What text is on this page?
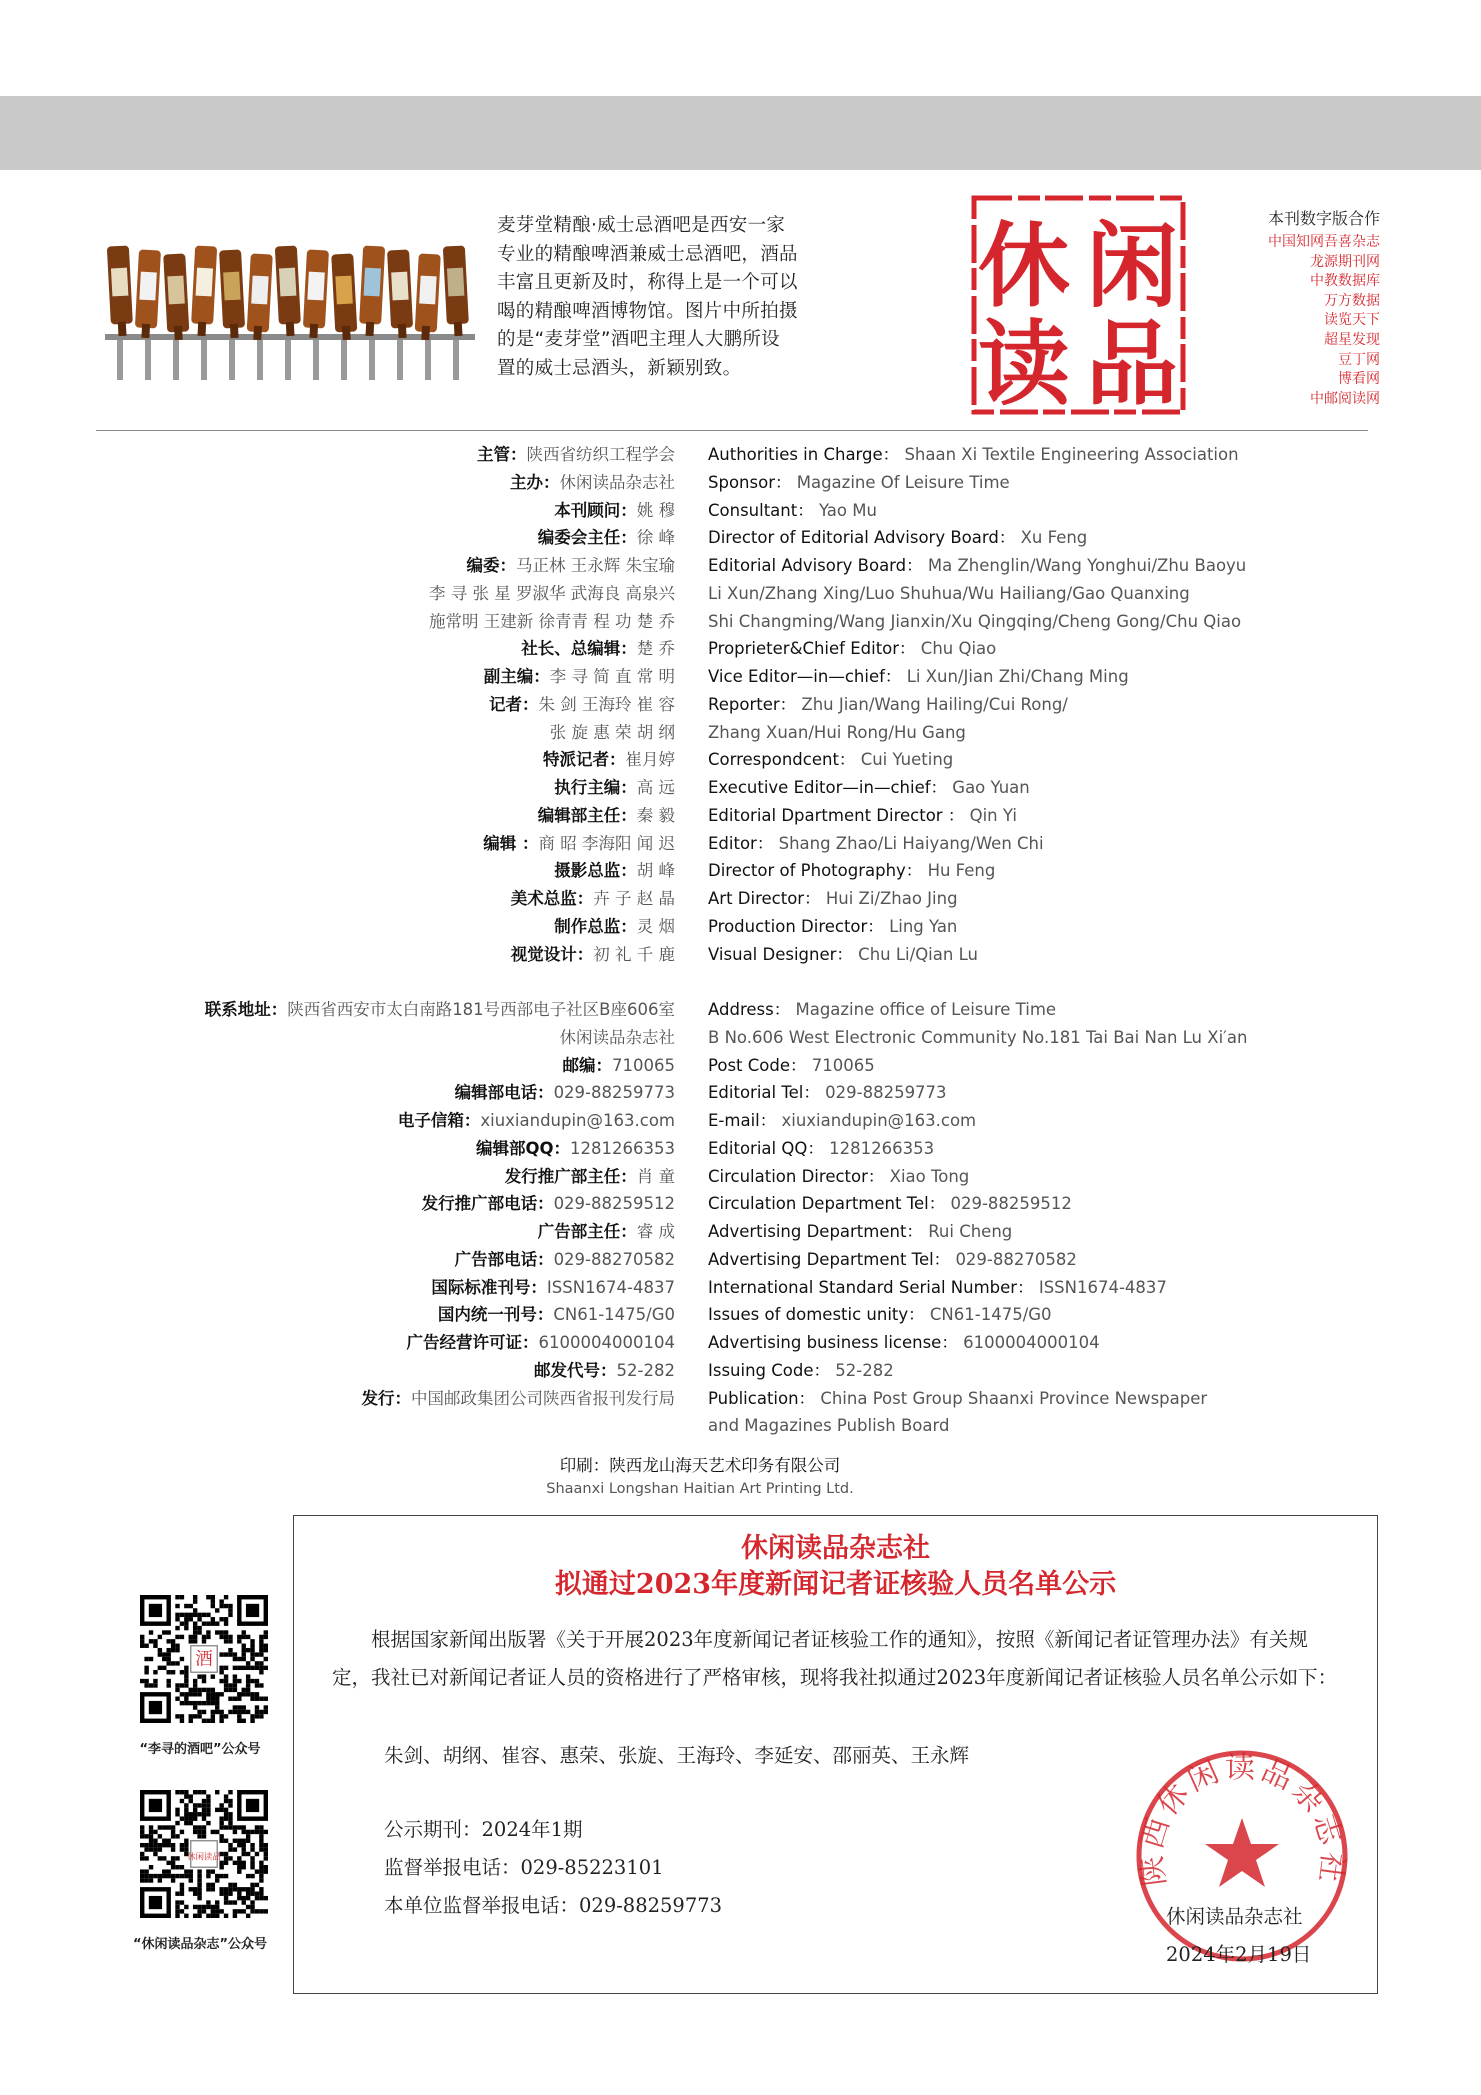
麦芽堂精酿·威士忌酒吧是西安一家
专业的精酿啤酒兼威士忌酒吧，酒品
丰富且更新及时，称得上是一个可以
喝的精酿啤酒博物馆。图片中所拍摄
的是“麦芽堂”酒吧主理人大鹏所设
置的威士忌酒头，新颖别致。
休 闲
读 品
本刊数字版合作
中国知网吾喜杂志
龙源期刊网
中教数据库
万方数据
读览天下
超星发现
豆丁网
博看网
中邮阅读网
主管：陕西省纺织工程学会 Authorities in Charge： Shaan Xi Textile Engineering Association
主办：休闲读品杂志社 Sponsor： Magazine Of Leisure Time
本刊顾问：姚 穆 Consultant： Yao Mu
编委会主任：徐 峰 Director of Editorial Advisory Board： Xu Feng
编委：马正林 王永辉 朱宝瑜 Editorial Advisory Board： Ma Zhenglin/Wang Yonghui/Zhu Baoyu
李 寻 张 星 罗淑华 武海良 高泉兴 Li Xun/Zhang Xing/Luo Shuhua/Wu Hailiang/Gao Quanxing
施常明 王建新 徐青青 程 功 楚 乔 Shi Changming/Wang Jianxin/Xu Qingqing/Cheng Gong/Chu Qiao
社长、总编辑：楚 乔 Proprieter&Chief Editor： Chu Qiao
副主编：李 寻 简 直 常 明 Vice Editor—in—chief： Li Xun/Jian Zhi/Chang Ming
记者：朱 剑 王海玲 崔 容 Reporter： Zhu Jian/Wang Hailing/Cui Rong/
张 旋 惠 荣 胡 纲 Zhang Xuan/Hui Rong/Hu Gang
特派记者：崔月婷 Correspondcent： Cui Yueting
执行主编：高 远 Executive Editor—in—chief： Gao Yuan
编辑部主任：秦 毅 Editorial Dpartment Director ： Qin Yi
编辑 ：商 昭 李海阳 闻 迟 Editor： Shang Zhao/Li Haiyang/Wen Chi
摄影总监：胡 峰 Director of Photography： Hu Feng
美术总监：卉 子 赵 晶 Art Director： Hui Zi/Zhao Jing
制作总监：灵 烟 Production Director： Ling Yan
视觉设计：初 礼 千 鹿 Visual Designer： Chu Li/Qian Lu
联系地址：陕西省西安市太白南路181号西部电子社区B座606室 Address： Magazine office of Leisure Time
休闲读品杂志社 B No.606 West Electronic Community No.181 Tai Bai Nan Lu Xi′an
邮编：710065 Post Code： 710065
编辑部电话：029-88259773 Editorial Tel： 029-88259773
电子信箱：xiuxiandupin@163.com E-mail： xiuxiandupin@163.com
编辑部QQ：1281266353 Editorial QQ： 1281266353
发行推广部主任：肖 童 Circulation Director： Xiao Tong
发行推广部电话：029-88259512 Circulation Department Tel： 029-88259512
广告部主任：睿 成 Advertising Department： Rui Cheng
广告部电话：029-88270582 Advertising Department Tel： 029-88270582
国际标准刊号：ISSN1674-4837 International Standard Serial Number： ISSN1674-4837
国内统一刊号：CN61-1475/G0 Issues of domestic unity： CN61-1475/G0
广告经营许可证：6100004000104 Advertising business license： 6100004000104
邮发代号：52-282 Issuing Code： 52-282
发行：中国邮政集团公司陕西省报刊发行局 Publication： China Post Group Shaanxi Province Newspaper
and Magazines Publish Board
印刷：陕西龙山海天艺术印务有限公司
Shaanxi Longshan Haitian Art Printing Ltd.
酒
“李寻的酒吧”公众号
休闲读品
“休闲读品杂志”公众号
休闲读品杂志社
拟通过2023年度新闻记者证核验人员名单公示

根据国家新闻出版署《关于开展2023年度新闻记者证核验工作的通知》，按照《新闻记者证管理办法》有关规定，我社已对新闻记者证人员的资格进行了严格审核，现将我社拟通过2023年度新闻记者证核验人员名单公示如下：

朱剑、胡纲、崔容、惠荣、张旋、王海玲、李延安、邵丽英、王永辉
公示期刊：2024年1期
监督举报电话：029-85223101
本单位监督举报电话：029-88259773
陕西休闲读品杂志社
休闲读品杂志社
2024年2月19日
